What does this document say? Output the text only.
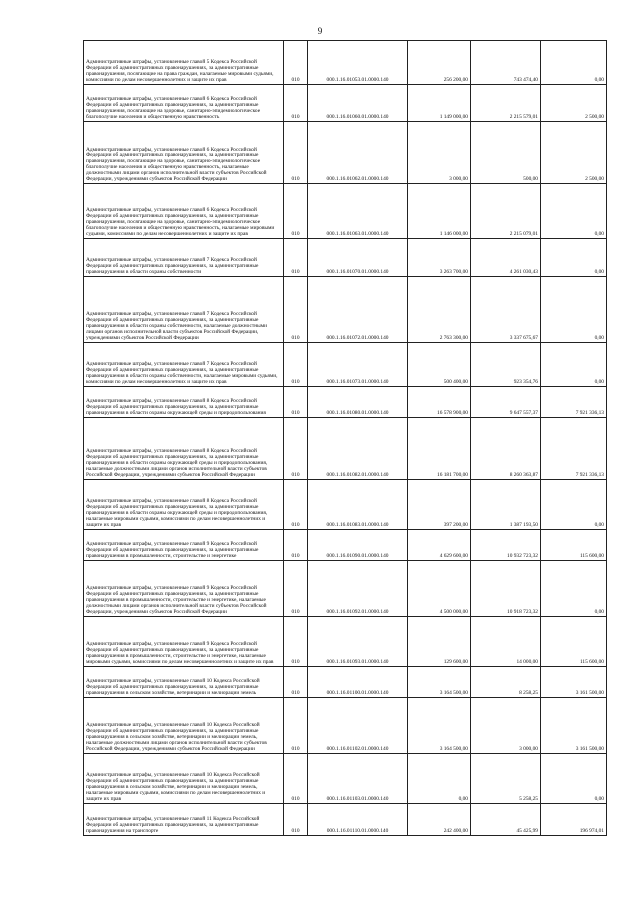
9
Административные штрафы, установленные главой 5 Кодекса Российской Федерации об административных правонарушениях, за административные правонарушения, посягающие на права граждан, налагаемые мировыми судьями, комиссиями по делам несовершеннолетних и защите их прав	010	000.1.16.01053.01.0000.140	256 200,00	743 474,40	0,00
Административные штрафы, установленные главой 6 Кодекса Российской Федерации об административных правонарушениях, за административные правонарушения, посягающие на здоровье, санитарно-эпидемиологическое благополучие населения и общественную нравственность	010	000.1.16.01060.01.0000.140	1 149 000,00	2 215 579,01	2 500,00
Административные штрафы, установленные главой 6 Кодекса Российской Федерации об административных правонарушениях, за административные правонарушения, посягающие на здоровье, санитарно-эпидемиологическое благополучие населения и общественную нравственность, налагаемые должностными лицами органов исполнительной власти субъектов Российской Федерации, учреждениями субъектов Российской Федерации	010	000.1.16.01062.01.0000.140	3 000,00	500,00	2 500,00
Административные штрафы, установленные главой 6 Кодекса Российской Федерации об административных правонарушениях, за административные правонарушения, посягающие на здоровье, санитарно-эпидемиологическое благополучие населения и общественную нравственность, налагаемые мировыми судьями, комиссиями по делам несовершеннолетних и защите их прав	010	000.1.16.01063.01.0000.140	1 146 000,00	2 215 079,01	0,00
Административные штрафы, установленные главой 7 Кодекса Российской Федерации об административных правонарушениях, за административные правонарушения в области охраны собственности	010	000.1.16.01070.01.0000.140	3 263 700,00	4 261 030,43	0,00
Административные штрафы, установленные главой 7 Кодекса Российской Федерации об административных правонарушениях, за административные правонарушения в области охраны собственности, налагаемые должностными лицами органов исполнительной власти субъектов Российской Федерации, учреждениями субъектов Российской Федерации	010	000.1.16.01072.01.0000.140	2 763 300,00	3 337 675,67	0,00
Административные штрафы, установленные главой 7 Кодекса Российской Федерации об административных правонарушениях, за административные правонарушения в области охраны собственности, налагаемые мировыми судьями, комиссиями по делам несовершеннолетних и защите их прав	010	000.1.16.01073.01.0000.140	500 400,00	923 354,76	0,00
Административные штрафы, установленные главой 8 Кодекса Российской Федерации об административных правонарушениях, за административные правонарушения в области охраны окружающей среды и природопользования	010	000.1.16.01080.01.0000.140	16 578 900,00	9 647 557,37	7 921 336,13
Административные штрафы, установленные главой 8 Кодекса Российской Федерации об административных правонарушениях, за административные правонарушения в области охраны окружающей среды и природопользования, налагаемые должностными лицами органов исполнительной власти субъектов Российской Федерации, учреждениями субъектов Российской Федерации	010	000.1.16.01082.01.0000.140	16 181 700,00	8 260 363,87	7 921 336,13
Административные штрафы, установленные главой 8 Кодекса Российской Федерации об административных правонарушениях, за административные правонарушения в области охраны окружающей среды и природопользования, налагаемые мировыми судьями, комиссиями по делам несовершеннолетних и защите их прав	010	000.1.16.01083.01.0000.140	397 200,00	1 387 193,50	0,00
Административные штрафы, установленные главой 9 Кодекса Российской Федерации об административных правонарушениях, за административные правонарушения в промышленности, строительстве и энергетике	010	000.1.16.01090.01.0000.140	4 629 600,00	10 932 723,32	115 600,00
Административные штрафы, установленные главой 9 Кодекса Российской Федерации об административных правонарушениях, за административные правонарушения в промышленности, строительстве и энергетике, налагаемые должностными лицами органов исполнительной власти субъектов Российской Федерации, учреждениями субъектов Российской Федерации	010	000.1.16.01092.01.0000.140	4 500 000,00	10 918 723,32	0,00
Административные штрафы, установленные главой 9 Кодекса Российской Федерации об административных правонарушениях, за административные правонарушения в промышленности, строительстве и энергетике, налагаемые мировыми судьями, комиссиями по делам несовершеннолетних и защите их прав	010	000.1.16.01093.01.0000.140	129 600,00	14 000,00	115 600,00
Административные штрафы, установленные главой 10 Кодекса Российской Федерации об административных правонарушениях, за административные правонарушения в сельском хозяйстве, ветеринарии и мелиорации земель	010	000.1.16.01100.01.0000.140	3 164 500,00	8 258,25	3 161 500,00
Административные штрафы, установленные главой 10 Кодекса Российской Федерации об административных правонарушениях, за административные правонарушения в сельском хозяйстве, ветеринарии и мелиорации земель, налагаемые должностными лицами органов исполнительной власти субъектов Российской Федерации, учреждениями субъектов Российской Федерации	010	000.1.16.01102.01.0000.140	3 164 500,00	3 000,00	3 161 500,00
Административные штрафы, установленные главой 10 Кодекса Российской Федерации об административных правонарушениях, за административные правонарушения в сельском хозяйстве, ветеринарии и мелиорации земель, налагаемые мировыми судьями, комиссиями по делам несовершеннолетних и защите их прав	010	000.1.16.01103.01.0000.140	0,00	5 258,25	0,00
Административные штрафы, установленные главой 11 Кодекса Российской Федерации об административных правонарушениях, за административные правонарушения на транспорте	010	000.1.16.01110.01.0000.140	242 400,00	45 425,99	196 974,01
